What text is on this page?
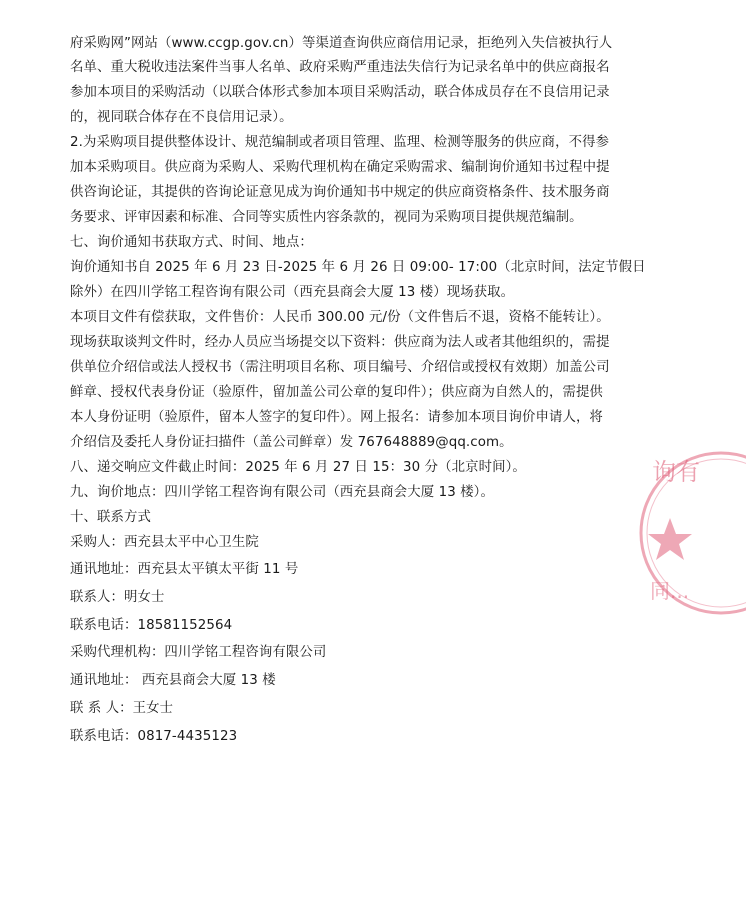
府采购网”网站（www.ccgp.gov.cn）等渠道查询供应商信用记录，拒绝列入失信被执行人
名单、重大税收违法案件当事人名单、政府采购严重违法失信行为记录名单中的供应商报名
参加本项目的采购活动（以联合体形式参加本项目采购活动，联合体成员存在不良信用记录
的，视同联合体存在不良信用记录）。
2.为采购项目提供整体设计、规范编制或者项目管理、监理、检测等服务的供应商，不得参
加本采购项目。供应商为采购人、采购代理机构在确定采购需求、编制询价通知书过程中提
供咨询论证，其提供的咨询论证意见成为询价通知书中规定的供应商资格条件、技术服务商
务要求、评审因素和标准、合同等实质性内容条款的，视同为采购项目提供规范编制。
七、询价通知书获取方式、时间、地点：
询价通知书自 2025 年 6 月 23 日-2025 年 6 月 26 日 09:00- 17:00（北京时间，法定节假日
除外）在四川学铭工程咨询有限公司（西充县商会大厦 13 楼）现场获取。
本项目文件有偿获取，文件售价：人民币 300.00 元/份（文件售后不退，资格不能转让）。
现场获取谈判文件时，经办人员应当场提交以下资料：供应商为法人或者其他组织的，需提
供单位介绍信或法人授权书（需注明项目名称、项目编号、介绍信或授权有效期）加盖公司
鲜章、授权代表身份证（验原件，留加盖公司公章的复印件）；供应商为自然人的，需提供
本人身份证明（验原件，留本人签字的复印件）。网上报名：请参加本项目询价申请人，将
介绍信及委托人身份证扫描件（盖公司鲜章）发 767648889@qq.com。
八、递交响应文件截止时间：2025 年 6 月 27 日 15：30 分（北京时间）。
九、询价地点：四川学铭工程咨询有限公司（西充县商会大厦 13 楼）。
十、联系方式
采购人：西充县太平中心卫生院
通讯地址：西充县太平镇太平街 11 号
联系人：明女士
联系电话：18581152564
采购代理机构：四川学铭工程咨询有限公司
通讯地址： 西充县商会大厦 13 楼
联 系 人：王女士
联系电话：0817-4435123
询有
同...
